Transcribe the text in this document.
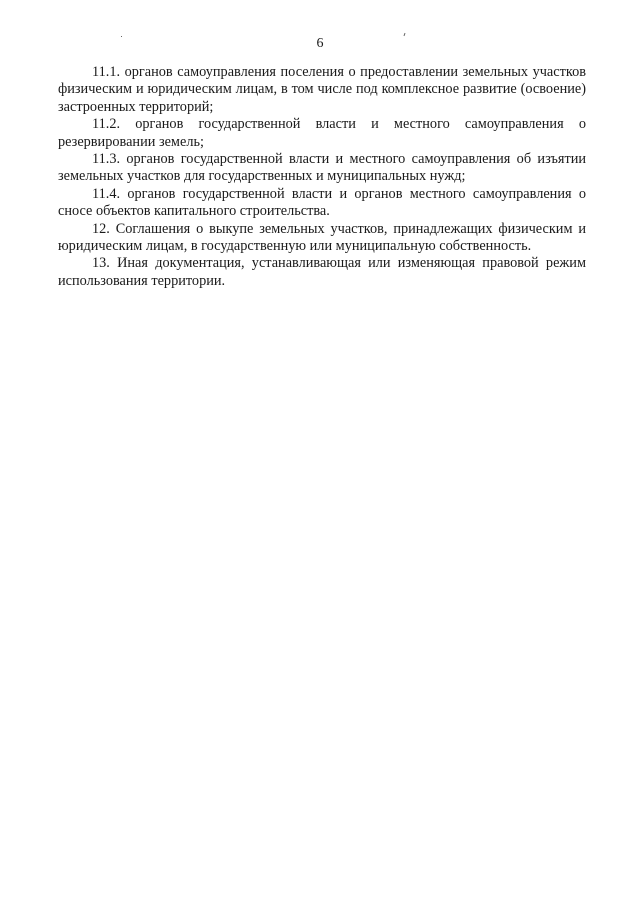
6

11.1. органов самоуправления поселения о предоставлении земельных участков физическим и юридическим лицам, в том числе под комплексное развитие (освоение) застроенных территорий;

11.2. органов государственной власти и местного самоуправления о резервировании земель;

11.3. органов государственной власти и местного самоуправления об изъятии земельных участков для государственных и муниципальных нужд;

11.4. органов государственной власти и органов местного самоуправления о сносе объектов капитального строительства.

12. Соглашения о выкупе земельных участков, принадлежащих физическим и юридическим лицам, в государственную или муниципальную собственность.

13. Иная документация, устанавливающая или изменяющая правовой режим использования территории.
